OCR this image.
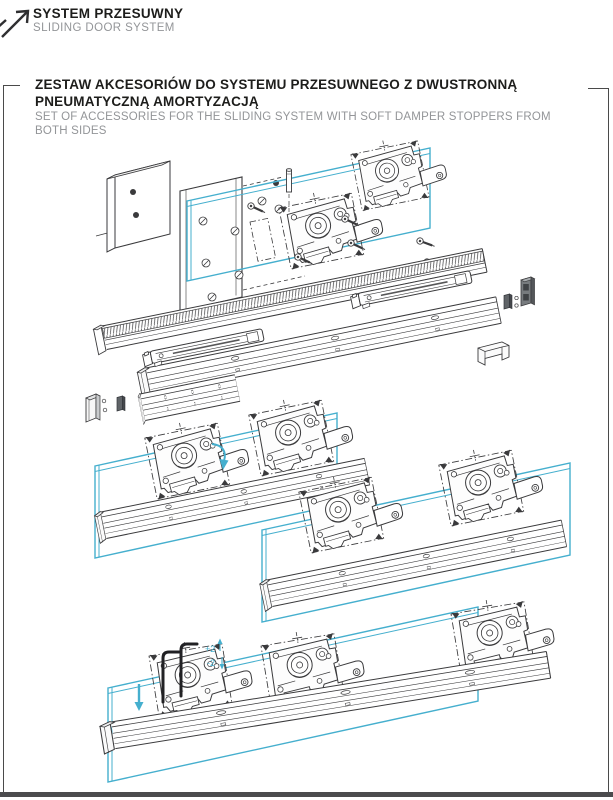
SYSTEM PRZESUWNY
SLIDING DOOR SYSTEM
ZESTAW AKCESORIÓW DO SYSTEMU PRZESUWNEGO Z DWUSTRONNĄ
PNEUMATYCZNĄ AMORTYZACJĄ
SET OF ACCESSORIES FOR THE SLIDING SYSTEM WITH SOFT DAMPER STOPPERS FROM
BOTH SIDES
+2
-2
